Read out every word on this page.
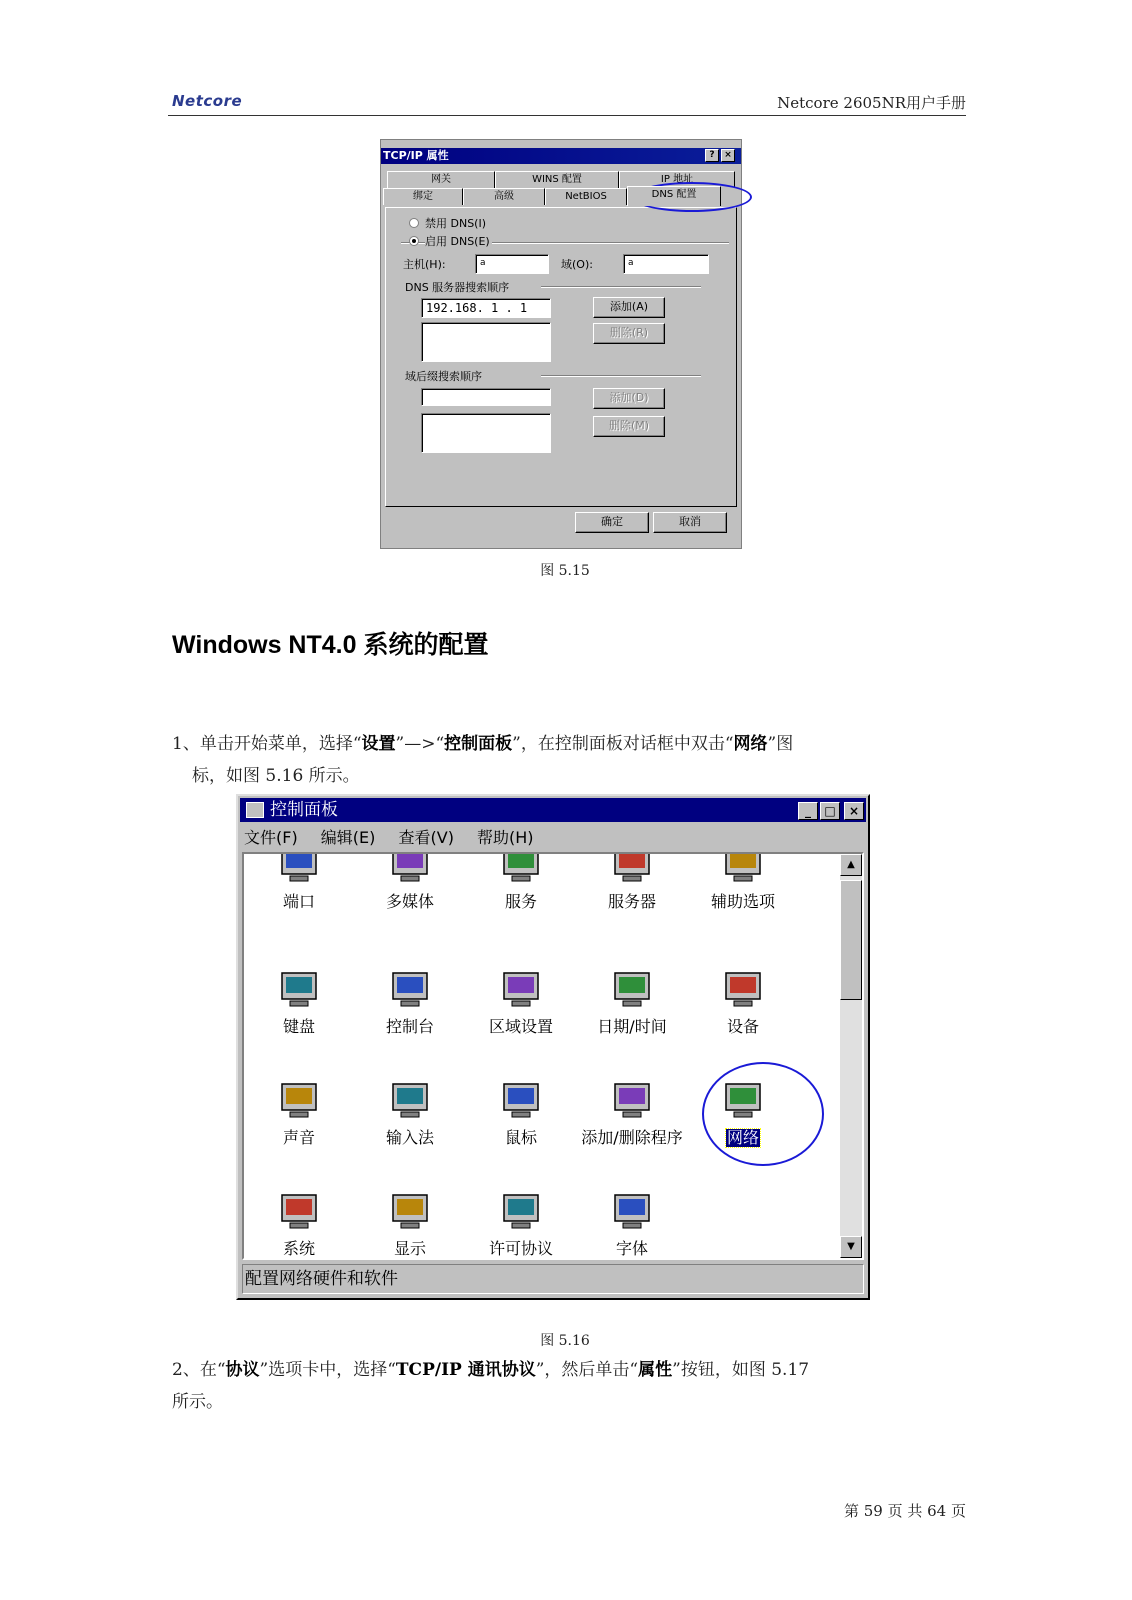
Netcore	Netcore 2605NR用户手册
TCP/IP 属性	?	×
网关	WINS 配置	IP 地址
绑定	高级	NetBIOS	DNS 配置
禁用 DNS(I)
启用 DNS(E)
主机(H):	a	域(O):	a
DNS 服务器搜索顺序
192.168. 1 . 1	添加(A)
删除(R)
域后缀搜索顺序
添加(D)
删除(M)
确定	取消
图 5.15
Windows NT4.0 系统的配置
1、单击开始菜单，选择“设置”—>“控制面板”，在控制面板对话框中双击“网络”图
标，如图 5.16 所示。
控制面板	_	□	×
文件(F) 编辑(E) 查看(V) 帮助(H)
端口	多媒体	服务	服务器	辅助选项
键盘	控制台	区域设置	日期/时间	设备
声音	输入法	鼠标	添加/删除程序	网络
系统	显示	许可协议	字体
▲
▼
配置网络硬件和软件
图 5.16
2、在“协议”选项卡中，选择“TCP/IP 通讯协议”，然后单击“属性”按钮，如图 5.17
所示。
第 59 页 共 64 页
